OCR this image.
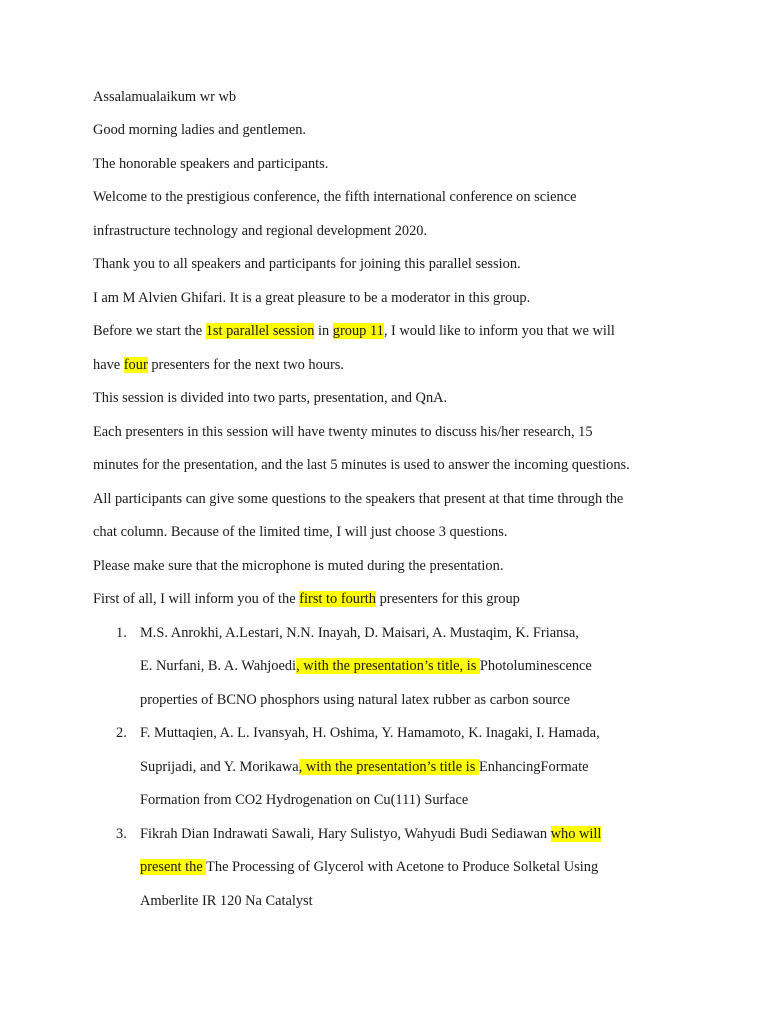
Assalamualaikum wr wb
Good morning ladies and gentlemen.
The honorable speakers and participants.
Welcome to the prestigious conference, the fifth international conference on science
infrastructure technology and regional development 2020.
Thank you to all speakers and participants for joining this parallel session.
I am M Alvien Ghifari. It is a great pleasure to be a moderator in this group.
Before we start the 1st parallel session in group 11, I would like to inform you that we will
have four presenters for the next two hours.
This session is divided into two parts, presentation, and QnA.
Each presenters in this session will have twenty minutes to discuss his/her research, 15
minutes for the presentation, and the last 5 minutes is used to answer the incoming questions.
All participants can give some questions to the speakers that present at that time through the
chat column. Because of the limited time, I will just choose 3 questions.
Please make sure that the microphone is muted during the presentation.
First of all, I will inform you of the first to fourth presenters for this group
1. M.S. Anrokhi, A.Lestari, N.N. Inayah, D. Maisari, A. Mustaqim, K. Friansa,
E. Nurfani, B. A. Wahjoedi, with the presentation’s title, is Photoluminescence
properties of BCNO phosphors using natural latex rubber as carbon source
2. F. Muttaqien, A. L. Ivansyah, H. Oshima, Y. Hamamoto, K. Inagaki, I. Hamada,
Suprijadi, and Y. Morikawa, with the presentation’s title is EnhancingFormate
Formation from CO2 Hydrogenation on Cu(111) Surface
3. Fikrah Dian Indrawati Sawali, Hary Sulistyo, Wahyudi Budi Sediawan who will
present the The Processing of Glycerol with Acetone to Produce Solketal Using
Amberlite IR 120 Na Catalyst
